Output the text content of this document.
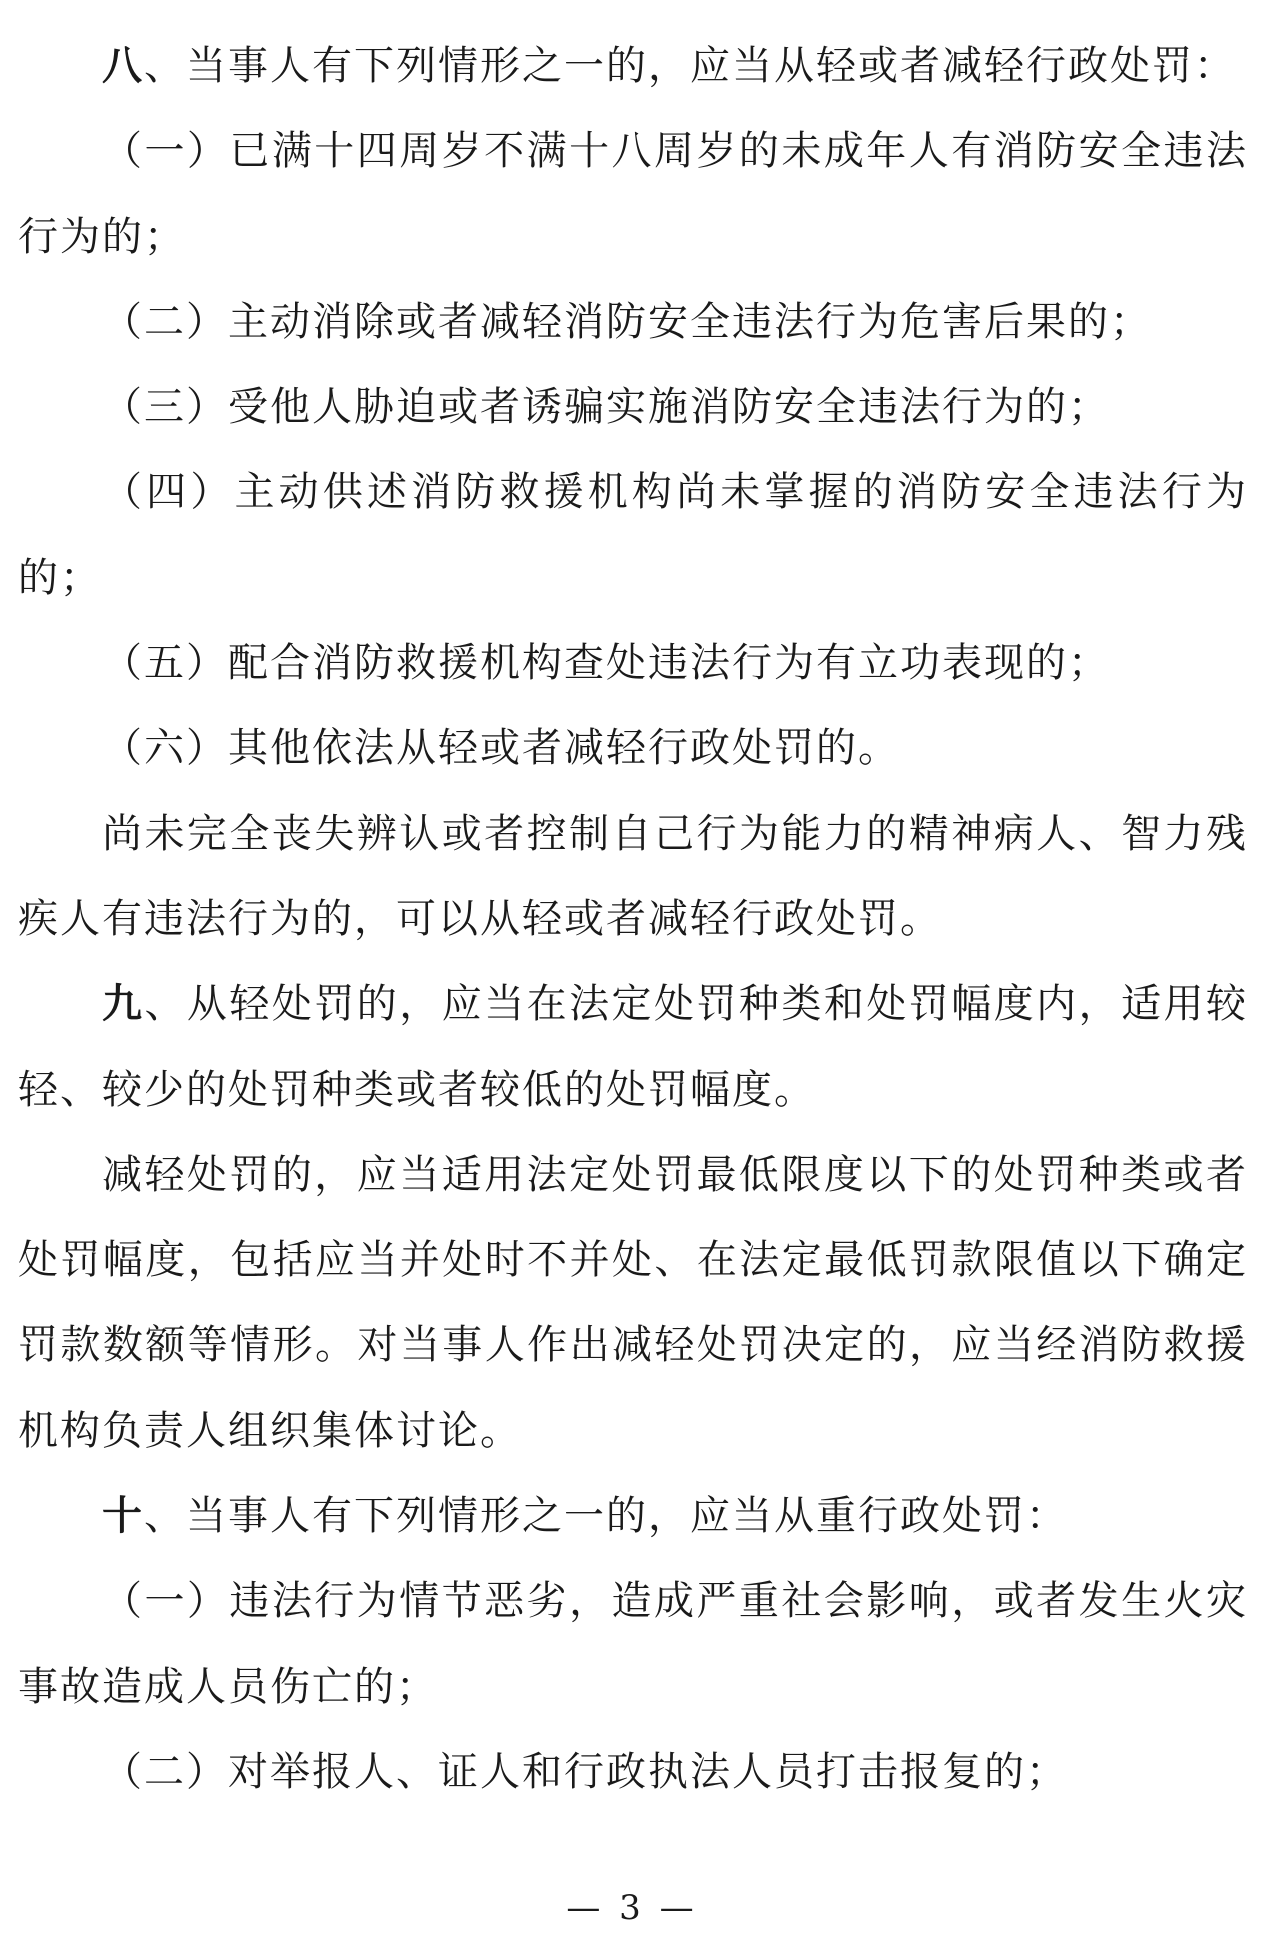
八、当事人有下列情形之一的，应当从轻或者减轻行政处罚：

（一）已满十四周岁不满十八周岁的未成年人有消防安全违法行为的；

（二）主动消除或者减轻消防安全违法行为危害后果的；

（三）受他人胁迫或者诱骗实施消防安全违法行为的；

（四）主动供述消防救援机构尚未掌握的消防安全违法行为的；

（五）配合消防救援机构查处违法行为有立功表现的；

（六）其他依法从轻或者减轻行政处罚的。

尚未完全丧失辨认或者控制自己行为能力的精神病人、智力残疾人有违法行为的，可以从轻或者减轻行政处罚。

九、从轻处罚的，应当在法定处罚种类和处罚幅度内，适用较轻、较少的处罚种类或者较低的处罚幅度。

减轻处罚的，应当适用法定处罚最低限度以下的处罚种类或者处罚幅度，包括应当并处时不并处、在法定最低罚款限值以下确定罚款数额等情形。对当事人作出减轻处罚决定的，应当经消防救援机构负责人组织集体讨论。

十、当事人有下列情形之一的，应当从重行政处罚：

（一）违法行为情节恶劣，造成严重社会影响，或者发生火灾事故造成人员伤亡的；

（二）对举报人、证人和行政执法人员打击报复的；

— 3 —
